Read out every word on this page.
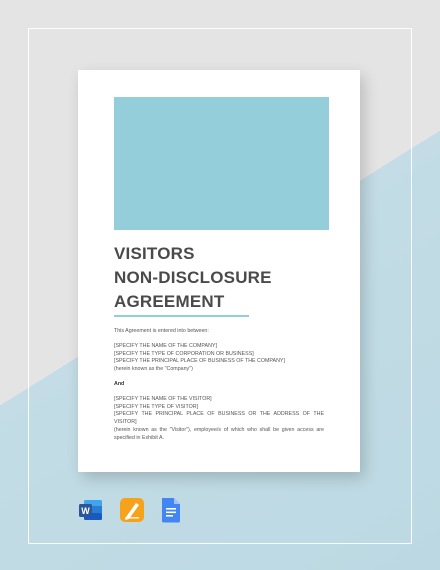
VISITORS
NON-DISCLOSURE
AGREEMENT

This Agreement is entered into between:

[SPECIFY THE NAME OF THE COMPANY]

[SPECIFY THE TYPE OF CORPORATION OR BUSINESS]

[SPECIFY THE PRINCIPAL PLACE OF BUSINESS OF THE COMPANY]

(herein known as the "Company")

And

[SPECIFY THE NAME OF THE VISITOR]

[SPECIFY THE TYPE OF VISITOR]

[SPECIFY THE PRINCIPAL PLACE OF BUSINESS OR THE ADDRESS OF THE VISITOR]

(herein known as the "Visitor"), employee/s of which who shall be given access are specified in Exhibit A.

W
